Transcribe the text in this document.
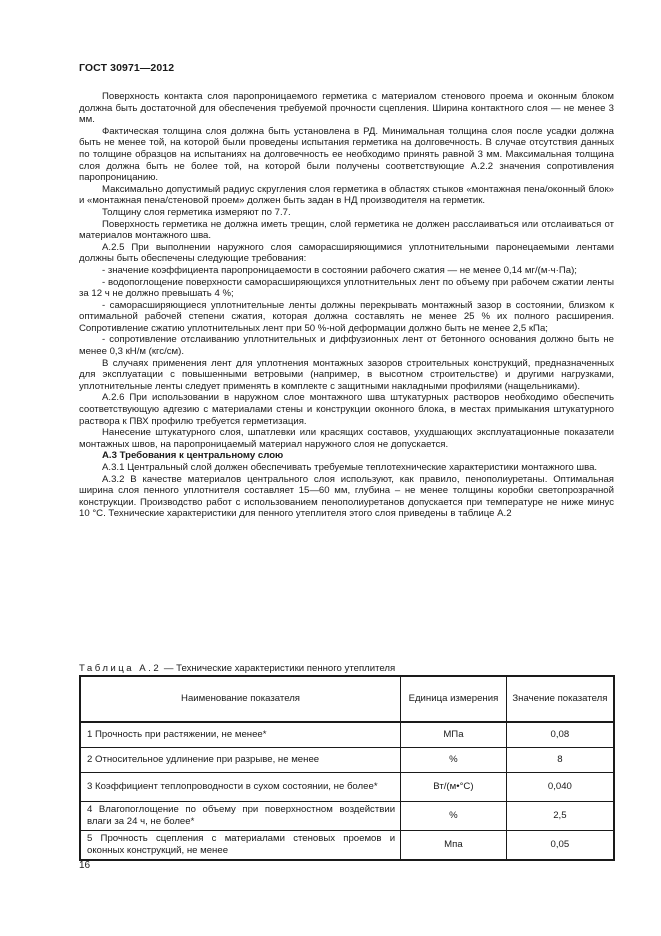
ГОСТ 30971—2012

Поверхность контакта слоя паропроницаемого герметика с материалом стенового проема и оконным блоком должна быть достаточной для обеспечения требуемой прочности сцепления. Ширина контактного слоя — не менее 3 мм.

Фактическая толщина слоя должна быть установлена в РД. Минимальная толщина слоя после усадки должна быть не менее той, на которой были проведены испытания герметика на долговечность. В случае отсутствия данных по толщине образцов на испытаниях на долговечность ее необходимо принять равной 3 мм. Максимальная толщина слоя должна быть не более той, на которой были получены соответствующие А.2.2 значения сопротивления паропроницанию.

Максимально допустимый радиус скругления слоя герметика в областях стыков «монтажная пена/оконный блок» и «монтажная пена/стеновой проем» должен быть задан в НД производителя на герметик.

Толщину слоя герметика измеряют по 7.7.

Поверхность герметика не должна иметь трещин, слой герметика не должен расслаиваться или отслаиваться от материалов монтажного шва.

А.2.5 При выполнении наружного слоя саморасширяющимися уплотнительными паронецаемыми лентами должны быть обеспечены следующие требования:

- значение коэффициента паропроницаемости в состоянии рабочего сжатия — не менее 0,14 мг/(м·ч·Па);

- водопоглощение поверхности саморасширяющихся уплотнительных лент по объему при рабочем сжатии ленты за 12 ч не должно превышать 4 %;

- саморасширяющиеся уплотнительные ленты должны перекрывать монтажный зазор в состоянии, близком к оптимальной рабочей степени сжатия, которая должна составлять не менее 25 % их полного расширения. Сопротивление сжатию уплотнительных лент при 50 %-ной деформации должно быть не менее 2,5 кПа;

- сопротивление отслаиванию уплотнительных и диффузионных лент от бетонного основания должно быть не менее 0,3 кН/м (кгс/см).

В случаях применения лент для уплотнения монтажных зазоров строительных конструкций, предназначенных для эксплуатации с повышенными ветровыми (например, в высотном строительстве) и другими нагрузками, уплотнительные ленты следует применять в комплекте с защитными накладными профилями (нащельниками).

А.2.6 При использовании в наружном слое монтажного шва штукатурных растворов необходимо обеспечить соответствующую адгезию с материалами стены и конструкции оконного блока, в местах примыкания штукатурного раствора к ПВХ профилю требуется герметизация.

Нанесение штукатурного слоя, шпатлевки или красящих составов, ухудшающих эксплуатационные показатели монтажных швов, на паропроницаемый материал наружного слоя не допускается.

А.3 Требования к центральному слою

А.3.1 Центральный слой должен обеспечивать требуемые теплотехнические характеристики монтажного шва.

А.3.2 В качестве материалов центрального слоя используют, как правило, пенополиуретаны. Оптимальная ширина слоя пенного уплотнителя составляет 15—60 мм, глубина – не менее толщины коробки светопрозрачной конструкции. Производство работ с использованием пенополиуретанов допускается при температуре не ниже минус 10 °С. Технические характеристики для пенного утеплителя этого слоя приведены в таблице А.2

Таблица А.2 — Технические характеристики пенного утеплителя
Наименование показателя	Единица измерения	Значение показателя
1 Прочность при растяжении, не менее*	МПа	0,08
2 Относительное удлинение при разрыве, не менее	%	8
3 Коэффициент теплопроводности в сухом состоянии, не более*	Вт/(м•°С)	0,040
4 Влагопоглощение по объему при поверхностном воздействии влаги за 24 ч, не более*	%	2,5
5 Прочность сцепления с материалами стеновых проемов и оконных конструкций, не менее	Мпа	0,05
16
